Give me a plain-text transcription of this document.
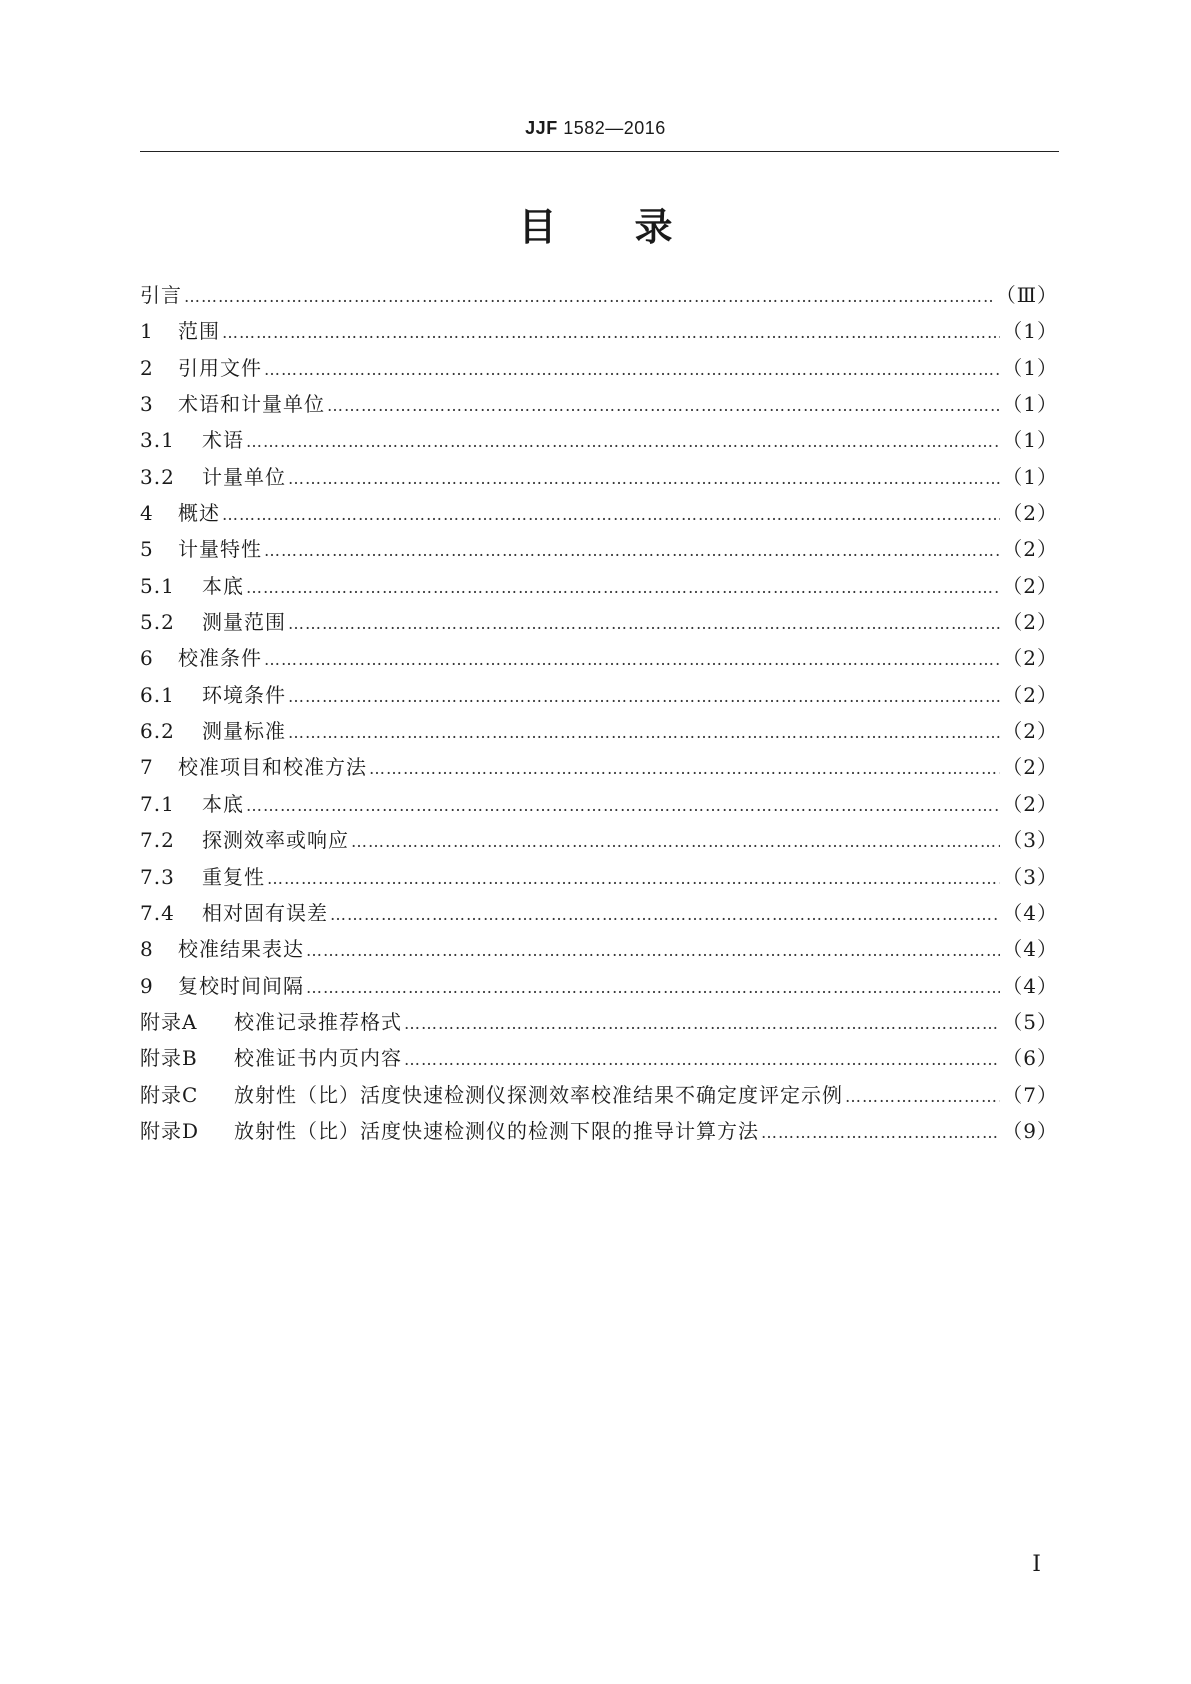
JJF 1582—2016
目录
引言 ……………………………………………………………………………………………………………………………………………………………………………	（Ⅲ）
1	范围 ……………………………………………………………………………………………………………………………………………………………………………	（1）
2	引用文件 ……………………………………………………………………………………………………………………………………………………………………………	（1）
3	术语和计量单位 ……………………………………………………………………………………………………………………………………………………………………………	（1）
3.1	术语 ……………………………………………………………………………………………………………………………………………………………………………	（1）
3.2	计量单位 ……………………………………………………………………………………………………………………………………………………………………………	（1）
4	概述 ……………………………………………………………………………………………………………………………………………………………………………	（2）
5	计量特性 ……………………………………………………………………………………………………………………………………………………………………………	（2）
5.1	本底 ……………………………………………………………………………………………………………………………………………………………………………	（2）
5.2	测量范围 ……………………………………………………………………………………………………………………………………………………………………………	（2）
6	校准条件 ……………………………………………………………………………………………………………………………………………………………………………	（2）
6.1	环境条件 ……………………………………………………………………………………………………………………………………………………………………………	（2）
6.2	测量标准 ……………………………………………………………………………………………………………………………………………………………………………	（2）
7	校准项目和校准方法 ……………………………………………………………………………………………………………………………………………………………………………	（2）
7.1	本底 ……………………………………………………………………………………………………………………………………………………………………………	（2）
7.2	探测效率或响应 ……………………………………………………………………………………………………………………………………………………………………………	（3）
7.3	重复性 ……………………………………………………………………………………………………………………………………………………………………………	（3）
7.4	相对固有误差 ……………………………………………………………………………………………………………………………………………………………………………	（4）
8	校准结果表达 ……………………………………………………………………………………………………………………………………………………………………………	（4）
9	复校时间间隔 ……………………………………………………………………………………………………………………………………………………………………………	（4）
附录A	校准记录推荐格式 ……………………………………………………………………………………………………………………………………………………………………………	（5）
附录B	校准证书内页内容 ……………………………………………………………………………………………………………………………………………………………………………	（6）
附录C	放射性（比）活度快速检测仪探测效率校准结果不确定度评定示例 ……………………………………………………………………………………………………………………………………………………………………………	（7）
附录D	放射性（比）活度快速检测仪的检测下限的推导计算方法 ……………………………………………………………………………………………………………………………………………………………………………	（9）
Ⅰ
